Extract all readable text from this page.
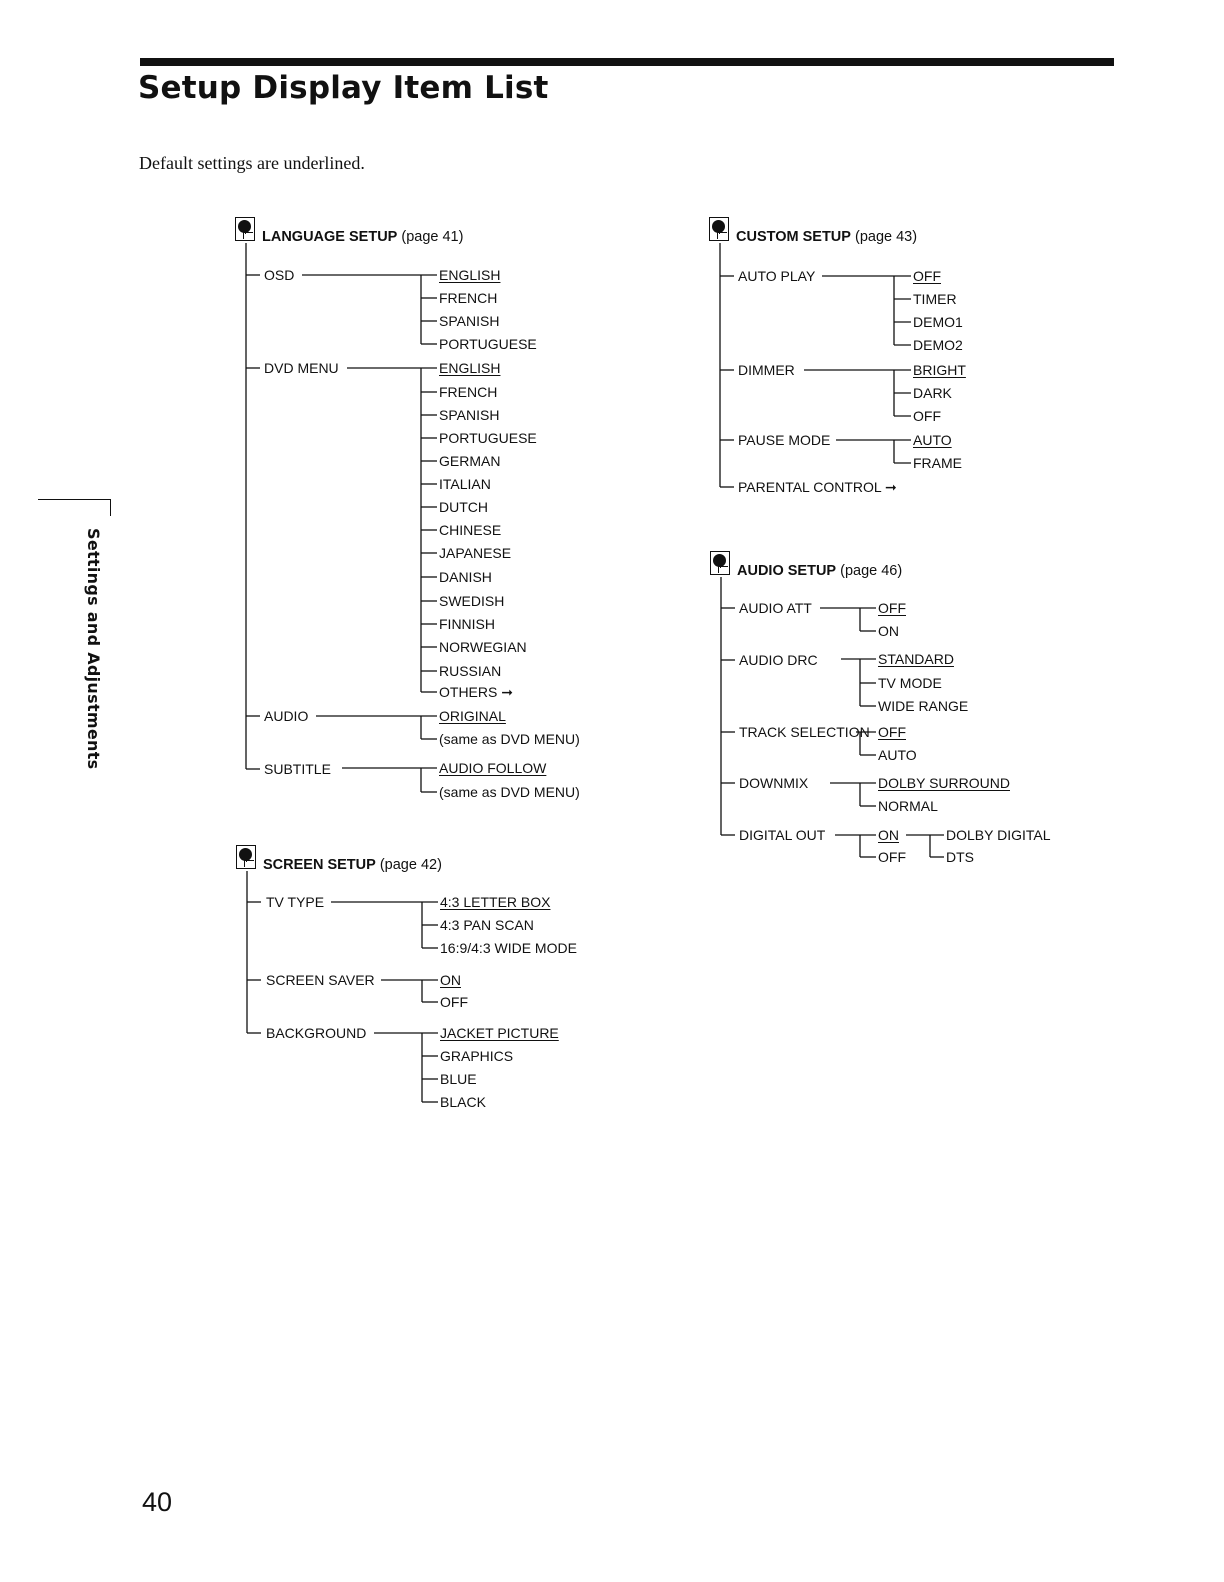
Setup Display Item List
Default settings are underlined.
Settings and Adjustments
40
LANGUAGE SETUP (page 41)
SCREEN SETUP (page 42)
CUSTOM SETUP (page 43)
AUDIO SETUP (page 46)
OSD	ENGLISH
FRENCH
SPANISH
PORTUGUESE
DVD MENU	ENGLISH
FRENCH
SPANISH
PORTUGUESE
GERMAN
ITALIAN
DUTCH
CHINESE
JAPANESE
DANISH
SWEDISH
FINNISH
NORWEGIAN
RUSSIAN
OTHERS ➞
AUDIO	ORIGINAL
(same as DVD MENU)
SUBTITLE	AUDIO FOLLOW
(same as DVD MENU)
TV TYPE	4:3 LETTER BOX
4:3 PAN SCAN
16:9/4:3 WIDE MODE
SCREEN SAVER	ON
OFF
BACKGROUND	JACKET PICTURE
GRAPHICS
BLUE
BLACK
AUTO PLAY	OFF
TIMER
DEMO1
DEMO2
DIMMER	BRIGHT
DARK
OFF
PAUSE MODE	AUTO
FRAME
PARENTAL CONTROL ➞
AUDIO ATT	OFF
ON
AUDIO DRC	STANDARD
TV MODE
WIDE RANGE
TRACK SELECTION OFF
AUTO
DOWNMIX	DOLBY SURROUND
NORMAL
DIGITAL OUT	ON
OFF
DOLBY DIGITAL
DTS
